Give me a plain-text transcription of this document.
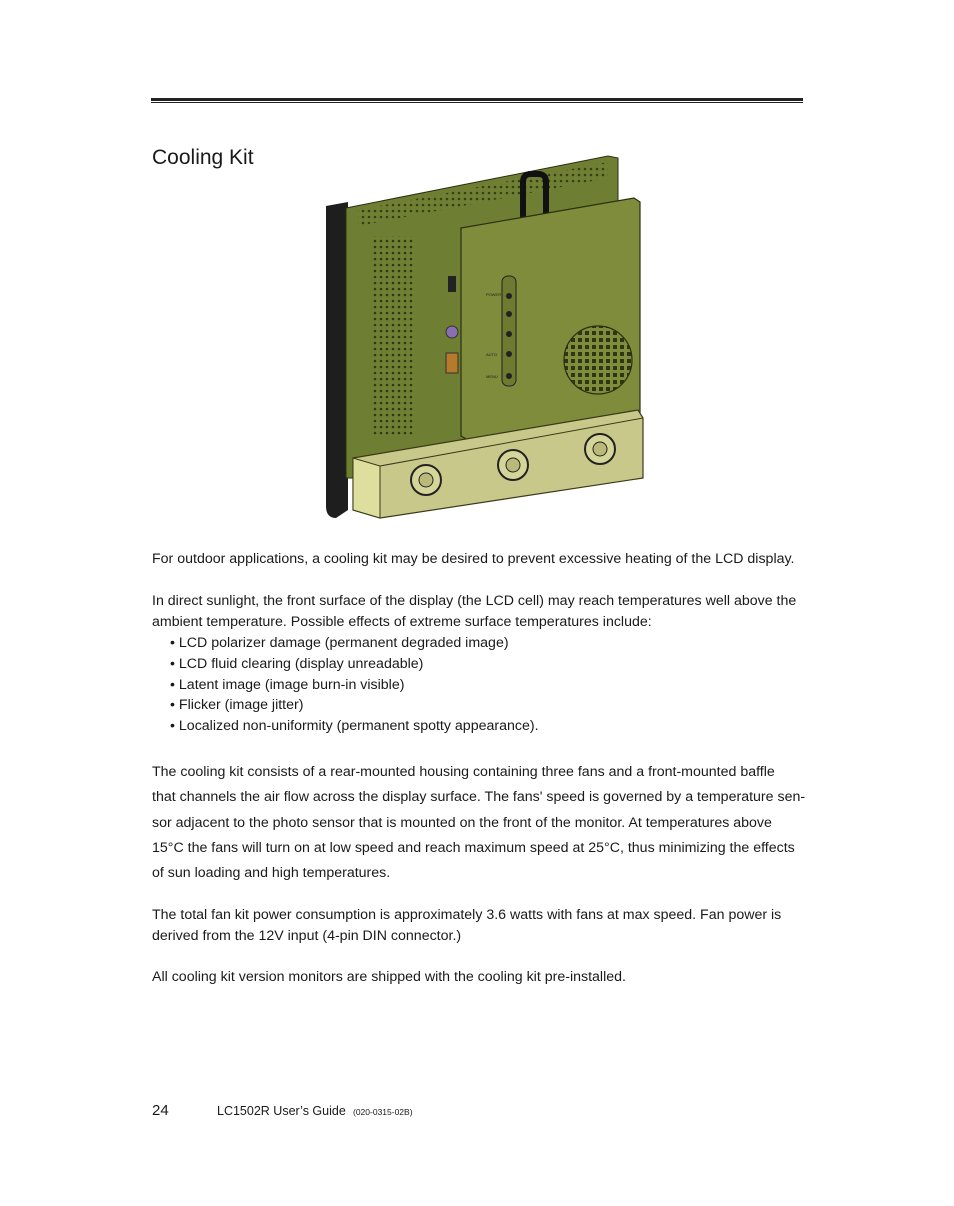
Cooling Kit
POWER
AUTO
MENU

For outdoor applications, a cooling kit may be desired to prevent excessive heating of the LCD display.

In direct sunlight, the front surface of the display (the LCD cell) may reach temperatures well above the ambient temperature. Possible effects of extreme surface temperatures include:

• LCD polarizer damage (permanent degraded image)
• LCD fluid clearing (display unreadable)
• Latent image (image burn-in visible)
• Flicker (image jitter)
• Localized non-uniformity (permanent spotty appearance).
The cooling kit consists of a rear-mounted housing containing three fans and a front-mounted baffle
that channels the air flow across the display surface. The fans' speed is governed by a temperature sen-
sor adjacent to the photo sensor that is mounted on the front of the monitor. At temperatures above
15°C the fans will turn on at low speed and reach maximum speed at 25°C, thus minimizing the effects
of sun loading and high temperatures.

The total fan kit power consumption is approximately 3.6 watts with fans at max speed. Fan power is derived from the 12V input (4-pin DIN connector.)

All cooling kit version monitors are shipped with the cooling kit pre-installed.

24	LC1502R User’s Guide (020-0315-02B)
